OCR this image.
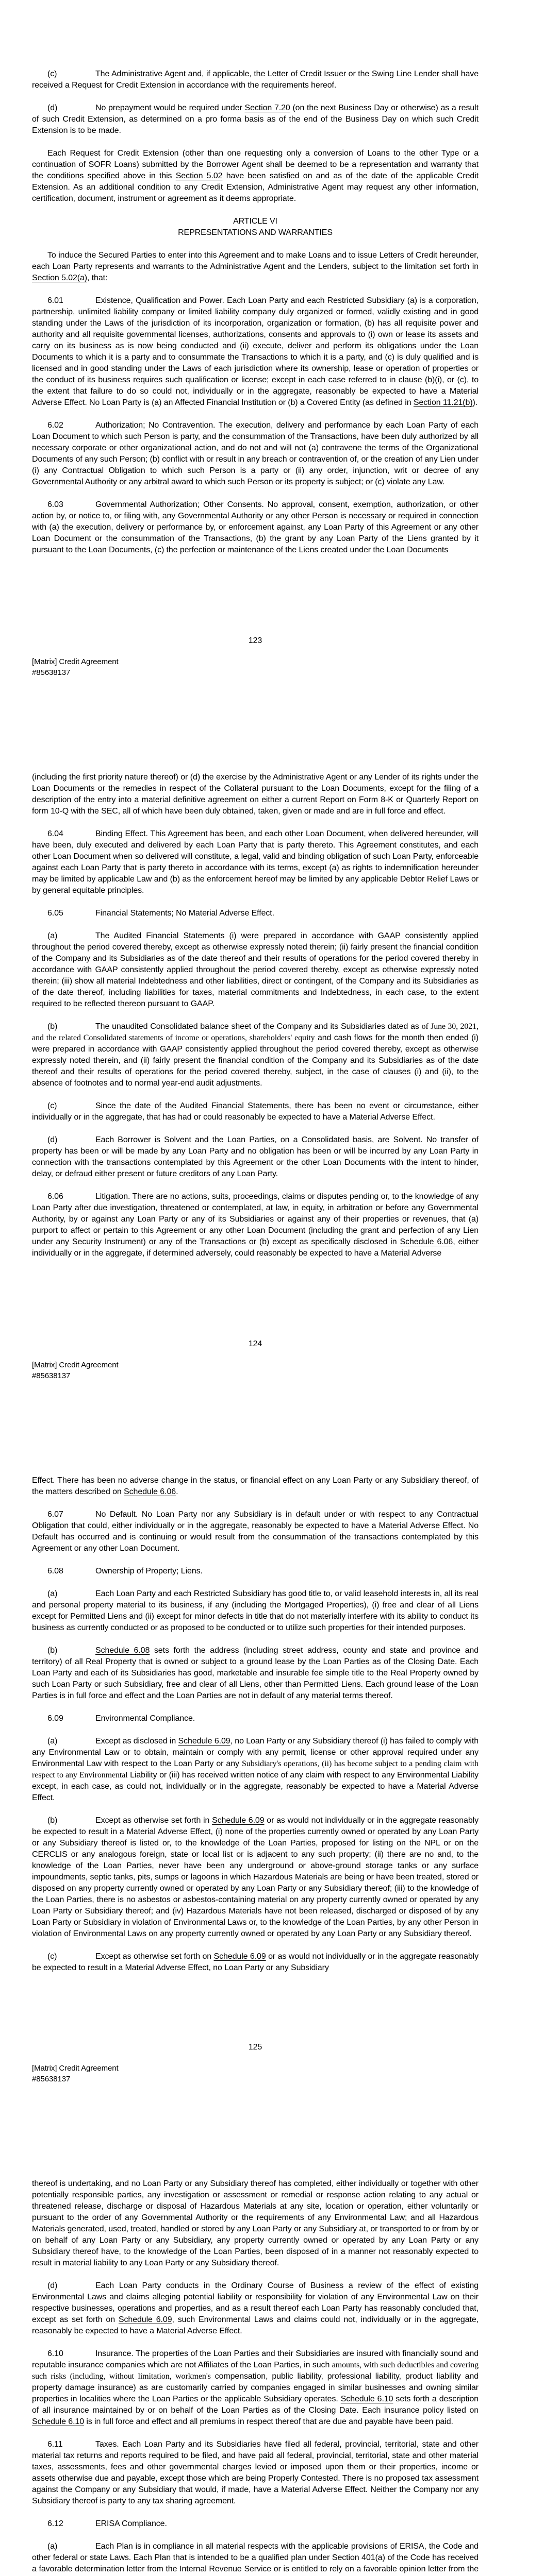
(c)	The Administrative Agent and, if applicable, the Letter of Credit Issuer or the Swing Line Lender shall have received a Request for Credit Extension in accordance with the requirements hereof.

(d)	No prepayment would be required under Section 7.20 (on the next Business Day or otherwise) as a result of such Credit Extension, as determined on a pro forma basis as of the end of the Business Day on which such Credit Extension is to be made.

Each Request for Credit Extension (other than one requesting only a conversion of Loans to the other Type or a continuation of SOFR Loans) submitted by the Borrower Agent shall be deemed to be a representation and warranty that the conditions specified above in this Section 5.02 have been satisfied on and as of the date of the applicable Credit Extension. As an additional condition to any Credit Extension, Administrative Agent may request any other information, certification, document, instrument or agreement as it deems appropriate.

ARTICLE VI
REPRESENTATIONS AND WARRANTIES

To induce the Secured Parties to enter into this Agreement and to make Loans and to issue Letters of Credit hereunder, each Loan Party represents and warrants to the Administrative Agent and the Lenders, subject to the limitation set forth in Section 5.02(a), that:

6.01	Existence, Qualification and Power. Each Loan Party and each Restricted Subsidiary (a) is a corporation, partnership, unlimited liability company or limited liability company duly organized or formed, validly existing and in good standing under the Laws of the jurisdiction of its incorporation, organization or formation, (b) has all requisite power and authority and all requisite governmental licenses, authorizations, consents and approvals to (i) own or lease its assets and carry on its business as is now being conducted and (ii) execute, deliver and perform its obligations under the Loan Documents to which it is a party and to consummate the Transactions to which it is a party, and (c) is duly qualified and is licensed and in good standing under the Laws of each jurisdiction where its ownership, lease or operation of properties or the conduct of its business requires such qualification or license; except in each case referred to in clause (b)(i), or (c), to the extent that failure to do so could not, individually or in the aggregate, reasonably be expected to have a Material Adverse Effect. No Loan Party is (a) an Affected Financial Institution or (b) a Covered Entity (as defined in Section 11.21(b)).

6.02	Authorization; No Contravention. The execution, delivery and performance by each Loan Party of each Loan Document to which such Person is party, and the consummation of the Transactions, have been duly authorized by all necessary corporate or other organizational action, and do not and will not (a) contravene the terms of the Organizational Documents of any such Person; (b) conflict with or result in any breach or contravention of, or the creation of any Lien under (i) any Contractual Obligation to which such Person is a party or (ii) any order, injunction, writ or decree of any Governmental Authority or any arbitral award to which such Person or its property is subject; or (c) violate any Law.

6.03	Governmental Authorization; Other Consents. No approval, consent, exemption, authorization, or other action by, or notice to, or filing with, any Governmental Authority or any other Person is necessary or required in connection with (a) the execution, delivery or performance by, or enforcement against, any Loan Party of this Agreement or any other Loan Document or the consummation of the Transactions, (b) the grant by any Loan Party of the Liens granted by it pursuant to the Loan Documents, (c) the perfection or maintenance of the Liens created under the Loan Documents

123
[Matrix] Credit Agreement
#85638137

(including the first priority nature thereof) or (d) the exercise by the Administrative Agent or any Lender of its rights under the Loan Documents or the remedies in respect of the Collateral pursuant to the Loan Documents, except for the filing of a description of the entry into a material definitive agreement on either a current Report on Form 8-K or Quarterly Report on form 10-Q with the SEC, all of which have been duly obtained, taken, given or made and are in full force and effect.

6.04	Binding Effect. This Agreement has been, and each other Loan Document, when delivered hereunder, will have been, duly executed and delivered by each Loan Party that is party thereto. This Agreement constitutes, and each other Loan Document when so delivered will constitute, a legal, valid and binding obligation of such Loan Party, enforceable against each Loan Party that is party thereto in accordance with its terms, except (a) as rights to indemnification hereunder may be limited by applicable Law and (b) as the enforcement hereof may be limited by any applicable Debtor Relief Laws or by general equitable principles.

6.05	Financial Statements; No Material Adverse Effect.

(a)	The Audited Financial Statements (i) were prepared in accordance with GAAP consistently applied throughout the period covered thereby, except as otherwise expressly noted therein; (ii) fairly present the financial condition of the Company and its Subsidiaries as of the date thereof and their results of operations for the period covered thereby in accordance with GAAP consistently applied throughout the period covered thereby, except as otherwise expressly noted therein; (iii) show all material Indebtedness and other liabilities, direct or contingent, of the Company and its Subsidiaries as of the date thereof, including liabilities for taxes, material commitments and Indebtedness, in each case, to the extent required to be reflected thereon pursuant to GAAP.

(b)	The unaudited Consolidated balance sheet of the Company and its Subsidiaries dated as of June 30, 2021, and the related Consolidated statements of income or operations, shareholders' equity and cash flows for the month then ended (i) were prepared in accordance with GAAP consistently applied throughout the period covered thereby, except as otherwise expressly noted therein, and (ii) fairly present the financial condition of the Company and its Subsidiaries as of the date thereof and their results of operations for the period covered thereby, subject, in the case of clauses (i) and (ii), to the absence of footnotes and to normal year-end audit adjustments.

(c)	Since the date of the Audited Financial Statements, there has been no event or circumstance, either individually or in the aggregate, that has had or could reasonably be expected to have a Material Adverse Effect.

(d)	Each Borrower is Solvent and the Loan Parties, on a Consolidated basis, are Solvent. No transfer of property has been or will be made by any Loan Party and no obligation has been or will be incurred by any Loan Party in connection with the transactions contemplated by this Agreement or the other Loan Documents with the intent to hinder, delay, or defraud either present or future creditors of any Loan Party.

6.06	Litigation. There are no actions, suits, proceedings, claims or disputes pending or, to the knowledge of any Loan Party after due investigation, threatened or contemplated, at law, in equity, in arbitration or before any Governmental Authority, by or against any Loan Party or any of its Subsidiaries or against any of their properties or revenues, that (a) purport to affect or pertain to this Agreement or any other Loan Document (including the grant and perfection of any Lien under any Security Instrument) or any of the Transactions or (b) except as specifically disclosed in Schedule 6.06, either individually or in the aggregate, if determined adversely, could reasonably be expected to have a Material Adverse

124
[Matrix] Credit Agreement
#85638137

Effect. There has been no adverse change in the status, or financial effect on any Loan Party or any Subsidiary thereof, of the matters described on Schedule 6.06.

6.07	No Default. No Loan Party nor any Subsidiary is in default under or with respect to any Contractual Obligation that could, either individually or in the aggregate, reasonably be expected to have a Material Adverse Effect. No Default has occurred and is continuing or would result from the consummation of the transactions contemplated by this Agreement or any other Loan Document.

6.08	Ownership of Property; Liens.

(a)	Each Loan Party and each Restricted Subsidiary has good title to, or valid leasehold interests in, all its real and personal property material to its business, if any (including the Mortgaged Properties), (i) free and clear of all Liens except for Permitted Liens and (ii) except for minor defects in title that do not materially interfere with its ability to conduct its business as currently conducted or as proposed to be conducted or to utilize such properties for their intended purposes.

(b)	Schedule 6.08 sets forth the address (including street address, county and state and province and territory) of all Real Property that is owned or subject to a ground lease by the Loan Parties as of the Closing Date. Each Loan Party and each of its Subsidiaries has good, marketable and insurable fee simple title to the Real Property owned by such Loan Party or such Subsidiary, free and clear of all Liens, other than Permitted Liens. Each ground lease of the Loan Parties is in full force and effect and the Loan Parties are not in default of any material terms thereof.

6.09	Environmental Compliance.

(a)	Except as disclosed in Schedule 6.09, no Loan Party or any Subsidiary thereof (i) has failed to comply with any Environmental Law or to obtain, maintain or comply with any permit, license or other approval required under any Environmental Law with respect to the Loan Party or any Subsidiary's operations, (ii) has become subject to a pending claim with respect to any Environmental Liability or (iii) has received written notice of any claim with respect to any Environmental Liability except, in each case, as could not, individually or in the aggregate, reasonably be expected to have a Material Adverse Effect.

(b)	Except as otherwise set forth in Schedule 6.09 or as would not individually or in the aggregate reasonably be expected to result in a Material Adverse Effect, (i) none of the properties currently owned or operated by any Loan Party or any Subsidiary thereof is listed or, to the knowledge of the Loan Parties, proposed for listing on the NPL or on the CERCLIS or any analogous foreign, state or local list or is adjacent to any such property; (ii) there are no and, to the knowledge of the Loan Parties, never have been any underground or above-ground storage tanks or any surface impoundments, septic tanks, pits, sumps or lagoons in which Hazardous Materials are being or have been treated, stored or disposed on any property currently owned or operated by any Loan Party or any Subsidiary thereof; (iii) to the knowledge of the Loan Parties, there is no asbestos or asbestos-containing material on any property currently owned or operated by any Loan Party or Subsidiary thereof; and (iv) Hazardous Materials have not been released, discharged or disposed of by any Loan Party or Subsidiary in violation of Environmental Laws or, to the knowledge of the Loan Parties, by any other Person in violation of Environmental Laws on any property currently owned or operated by any Loan Party or any Subsidiary thereof.

(c)	Except as otherwise set forth on Schedule 6.09 or as would not individually or in the aggregate reasonably be expected to result in a Material Adverse Effect, no Loan Party or any Subsidiary

125
[Matrix] Credit Agreement
#85638137

thereof is undertaking, and no Loan Party or any Subsidiary thereof has completed, either individually or together with other potentially responsible parties, any investigation or assessment or remedial or response action relating to any actual or threatened release, discharge or disposal of Hazardous Materials at any site, location or operation, either voluntarily or pursuant to the order of any Governmental Authority or the requirements of any Environmental Law; and all Hazardous Materials generated, used, treated, handled or stored by any Loan Party or any Subsidiary at, or transported to or from by or on behalf of any Loan Party or any Subsidiary, any property currently owned or operated by any Loan Party or any Subsidiary thereof have, to the knowledge of the Loan Parties, been disposed of in a manner not reasonably expected to result in material liability to any Loan Party or any Subsidiary thereof.

(d)	Each Loan Party conducts in the Ordinary Course of Business a review of the effect of existing Environmental Laws and claims alleging potential liability or responsibility for violation of any Environmental Law on their respective businesses, operations and properties, and as a result thereof each Loan Party has reasonably concluded that, except as set forth on Schedule 6.09, such Environmental Laws and claims could not, individually or in the aggregate, reasonably be expected to have a Material Adverse Effect.

6.10	Insurance. The properties of the Loan Parties and their Subsidiaries are insured with financially sound and reputable insurance companies which are not Affiliates of the Loan Parties, in such amounts, with such deductibles and covering such risks (including, without limitation, workmen's compensation, public liability, professional liability, product liability and property damage insurance) as are customarily carried by companies engaged in similar businesses and owning similar properties in localities where the Loan Parties or the applicable Subsidiary operates. Schedule 6.10 sets forth a description of all insurance maintained by or on behalf of the Loan Parties as of the Closing Date. Each insurance policy listed on Schedule 6.10 is in full force and effect and all premiums in respect thereof that are due and payable have been paid.

6.11	Taxes. Each Loan Party and its Subsidiaries have filed all federal, provincial, territorial, state and other material tax returns and reports required to be filed, and have paid all federal, provincial, territorial, state and other material taxes, assessments, fees and other governmental charges levied or imposed upon them or their properties, income or assets otherwise due and payable, except those which are being Properly Contested. There is no proposed tax assessment against the Company or any Subsidiary that would, if made, have a Material Adverse Effect. Neither the Company nor any Subsidiary thereof is party to any tax sharing agreement.

6.12	ERISA Compliance.

(a)	Each Plan is in compliance in all material respects with the applicable provisions of ERISA, the Code and other federal or state Laws. Each Plan that is intended to be a qualified plan under Section 401(a) of the Code has received a favorable determination letter from the Internal Revenue Service or is entitled to rely on a favorable opinion letter from the
